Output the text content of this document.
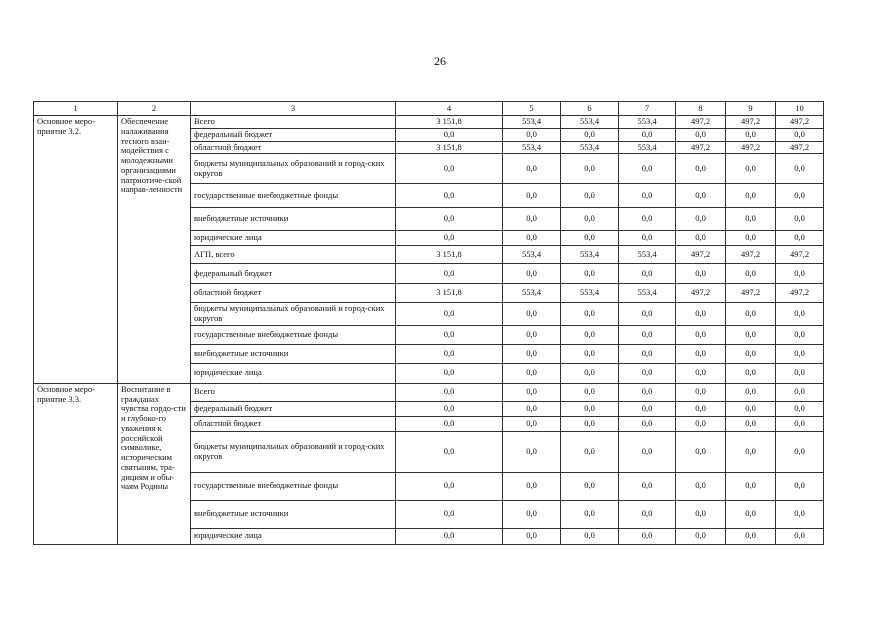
26
1	2	3	4	5	6	7	8	9	10
Основное меро-приятие 3.2.	Обеспечение налаживания тесного взаи-модействия с молодежными организациями патриотиче-ской направ-ленности	Всего	3 151,8	553,4	553,4	553,4	497,2	497,2	497,2
		федеральный бюджет	0,0	0,0	0,0	0,0	0,0	0,0	0,0
		областной бюджет	3 151,8	553,4	553,4	553,4	497,2	497,2	497,2
		бюджеты муниципальных образований и город-ских округов	0,0	0,0	0,0	0,0	0,0	0,0	0,0
		государственные внебюджетные фонды	0,0	0,0	0,0	0,0	0,0	0,0	0,0
		внебюджетные источники	0,0	0,0	0,0	0,0	0,0	0,0	0,0
		юридические лица	0,0	0,0	0,0	0,0	0,0	0,0	0,0
		АГП, всего	3 151,8	553,4	553,4	553,4	497,2	497,2	497,2
		федеральный бюджет	0,0	0,0	0,0	0,0	0,0	0,0	0,0
		областной бюджет	3 151,8	553,4	553,4	553,4	497,2	497,2	497,2
		бюджеты муниципальных образований и город-ских округов	0,0	0,0	0,0	0,0	0,0	0,0	0,0
		государственные внебюджетные фонды	0,0	0,0	0,0	0,0	0,0	0,0	0,0
		внебюджетные источники	0,0	0,0	0,0	0,0	0,0	0,0	0,0
		юридические лица	0,0	0,0	0,0	0,0	0,0	0,0	0,0
Основное меро-приятие 3.3.	Воспитание в гражданах чувства гордо-сти и глубоко-го уважения к российской символике, историческим святыням, тра-дициям и обы-чаям Родины	Всего	0,0	0,0	0,0	0,0	0,0	0,0	0,0
		федеральный бюджет	0,0	0,0	0,0	0,0	0,0	0,0	0,0
		областной бюджет	0,0	0,0	0,0	0,0	0,0	0,0	0,0
		бюджеты муниципальных образований и город-ских округов	0,0	0,0	0,0	0,0	0,0	0,0	0,0
		государственные внебюджетные фонды	0,0	0,0	0,0	0,0	0,0	0,0	0,0
		внебюджетные источники	0,0	0,0	0,0	0,0	0,0	0,0	0,0
		юридические лица	0,0	0,0	0,0	0,0	0,0	0,0	0,0
